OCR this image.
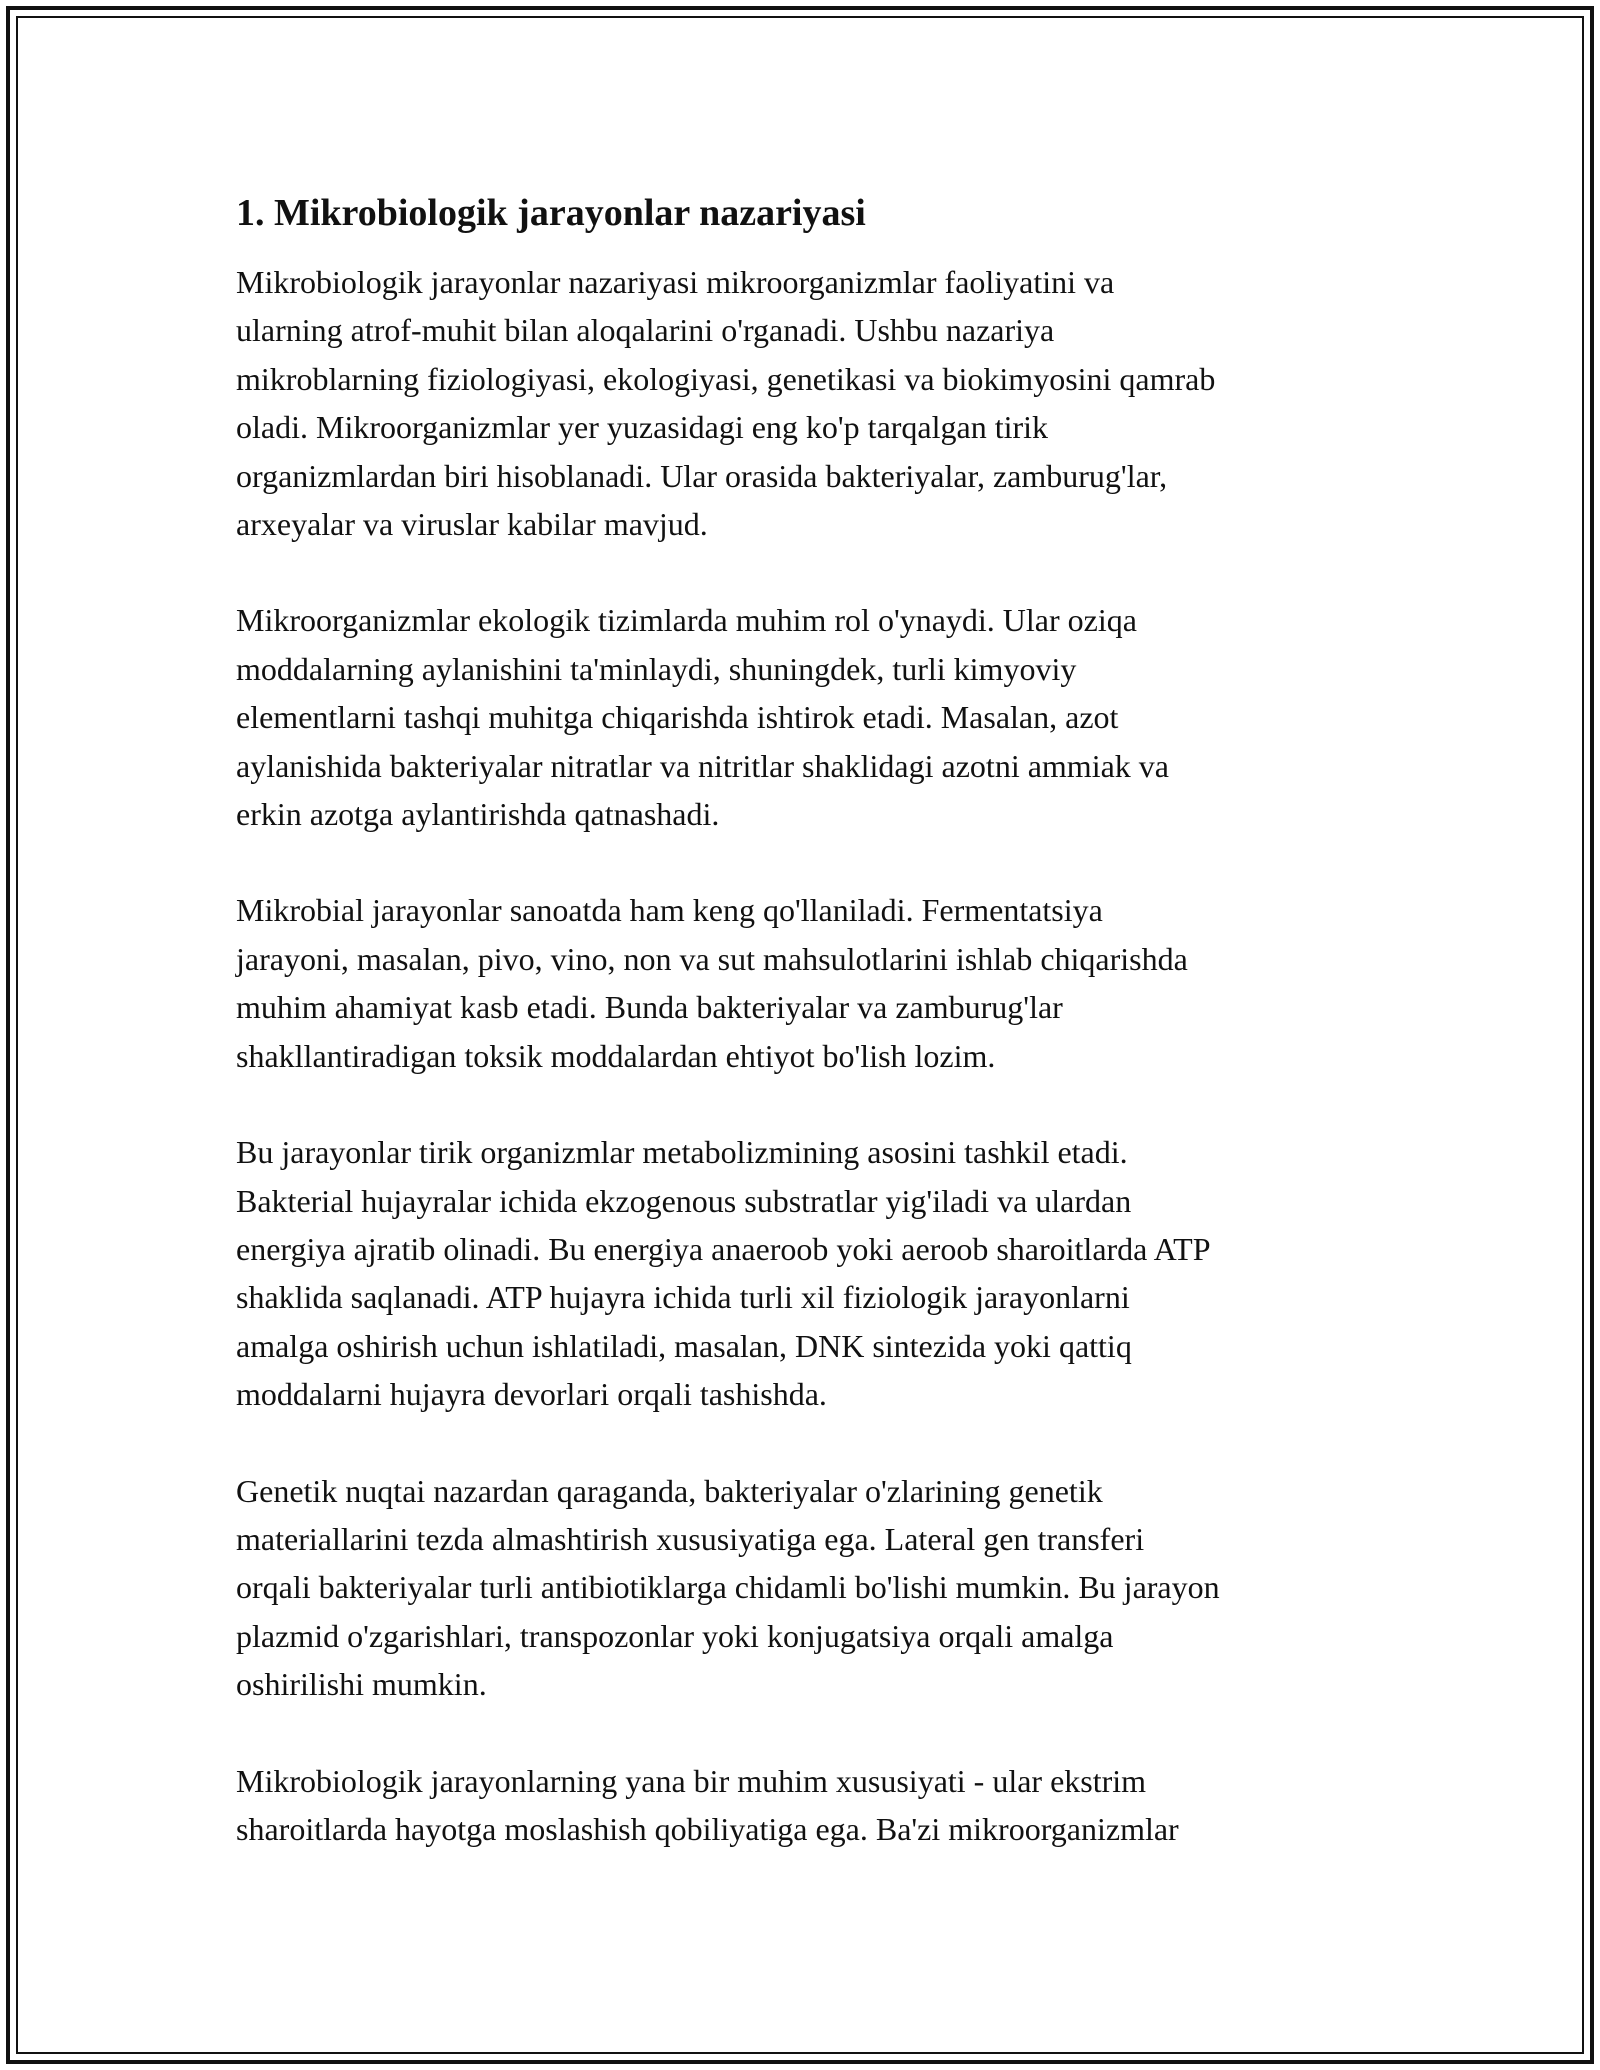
1. Mikrobiologik jarayonlar nazariyasi

Mikrobiologik jarayonlar nazariyasi mikroorganizmlar faoliyatini va
ularning atrof-muhit bilan aloqalarini o'rganadi. Ushbu nazariya
mikroblarning fiziologiyasi, ekologiyasi, genetikasi va biokimyosini qamrab
oladi. Mikroorganizmlar yer yuzasidagi eng ko'p tarqalgan tirik
organizmlardan biri hisoblanadi. Ular orasida bakteriyalar, zamburug'lar,
arxeyalar va viruslar kabilar mavjud.

Mikroorganizmlar ekologik tizimlarda muhim rol o'ynaydi. Ular oziqa
moddalarning aylanishini ta'minlaydi, shuningdek, turli kimyoviy
elementlarni tashqi muhitga chiqarishda ishtirok etadi. Masalan, azot
aylanishida bakteriyalar nitratlar va nitritlar shaklidagi azotni ammiak va
erkin azotga aylantirishda qatnashadi.

Mikrobial jarayonlar sanoatda ham keng qo'llaniladi. Fermentatsiya
jarayoni, masalan, pivo, vino, non va sut mahsulotlarini ishlab chiqarishda
muhim ahamiyat kasb etadi. Bunda bakteriyalar va zamburug'lar
shakllantiradigan toksik moddalardan ehtiyot bo'lish lozim.

Bu jarayonlar tirik organizmlar metabolizmining asosini tashkil etadi.
Bakterial hujayralar ichida ekzogenous substratlar yig'iladi va ulardan
energiya ajratib olinadi. Bu energiya anaeroob yoki aeroob sharoitlarda ATP
shaklida saqlanadi. ATP hujayra ichida turli xil fiziologik jarayonlarni
amalga oshirish uchun ishlatiladi, masalan, DNK sintezida yoki qattiq
moddalarni hujayra devorlari orqali tashishda.

Genetik nuqtai nazardan qaraganda, bakteriyalar o'zlarining genetik
materiallarini tezda almashtirish xususiyatiga ega. Lateral gen transferi
orqali bakteriyalar turli antibiotiklarga chidamli bo'lishi mumkin. Bu jarayon
plazmid o'zgarishlari, transpozonlar yoki konjugatsiya orqali amalga
oshirilishi mumkin.

Mikrobiologik jarayonlarning yana bir muhim xususiyati - ular ekstrim
sharoitlarda hayotga moslashish qobiliyatiga ega. Ba'zi mikroorganizmlar
